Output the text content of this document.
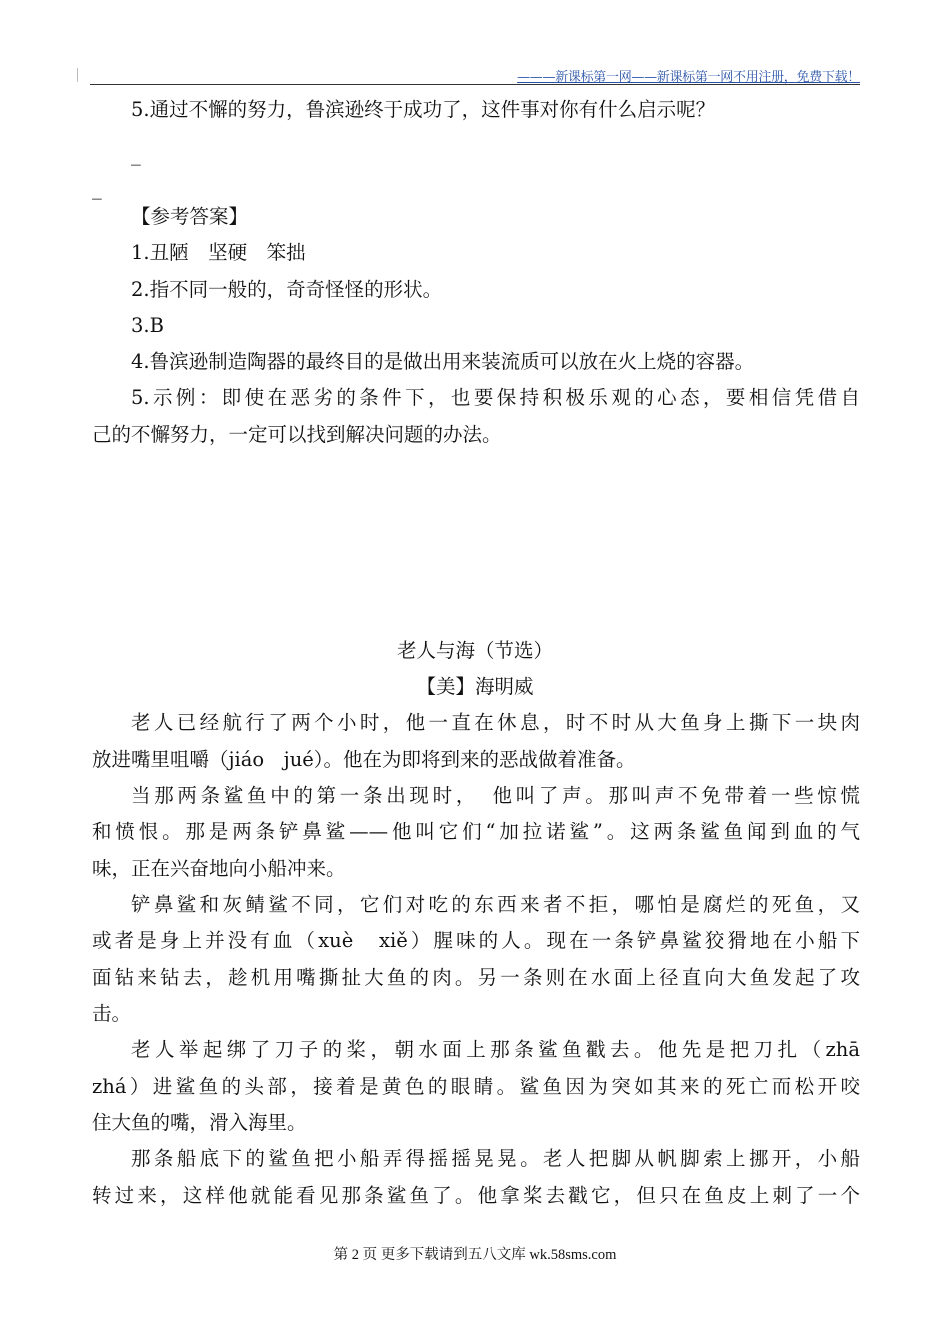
———新课标第一网——新课标第一网不用注册，免费下载！
5.通过不懈的努力，鲁滨逊终于成功了，这件事对你有什么启示呢？
_
_
【参考答案】
1.丑陋　坚硬　笨拙
2.指不同一般的，奇奇怪怪的形状。
3.B
4.鲁滨逊制造陶器的最终目的是做出用来装流质可以放在火上烧的容器。
5.示例：即使在恶劣的条件下，也要保持积极乐观的心态，要相信凭借自
己的不懈努力，一定可以找到解决问题的办法。
老人与海（节选）
【美】海明威
老人已经航行了两个小时，他一直在休息，时不时从大鱼身上撕下一块肉
放进嘴里咀嚼（jiáo　jué）。他在为即将到来的恶战做着准备。
当那两条鲨鱼中的第一条出现时，　他叫了声。那叫声不免带着一些惊慌
和愤恨。那是两条铲鼻鲨——他叫它们“加拉诺鲨”。这两条鲨鱼闻到血的气
味，正在兴奋地向小船冲来。
铲鼻鲨和灰鲭鲨不同，它们对吃的东西来者不拒，哪怕是腐烂的死鱼，又
或者是身上并没有血（xuè　xiě）腥味的人。现在一条铲鼻鲨狡猾地在小船下
面钻来钻去，趁机用嘴撕扯大鱼的肉。另一条则在水面上径直向大鱼发起了攻
击。
老人举起绑了刀子的桨，朝水面上那条鲨鱼戳去。他先是把刀扎（zhā
zhá）进鲨鱼的头部，接着是黄色的眼睛。鲨鱼因为突如其来的死亡而松开咬
住大鱼的嘴，滑入海里。
那条船底下的鲨鱼把小船弄得摇摇晃晃。老人把脚从帆脚索上挪开，小船
转过来，这样他就能看见那条鲨鱼了。他拿桨去戳它，但只在鱼皮上刺了一个
第 2 页 更多下载请到五八文库 wk.58sms.com
